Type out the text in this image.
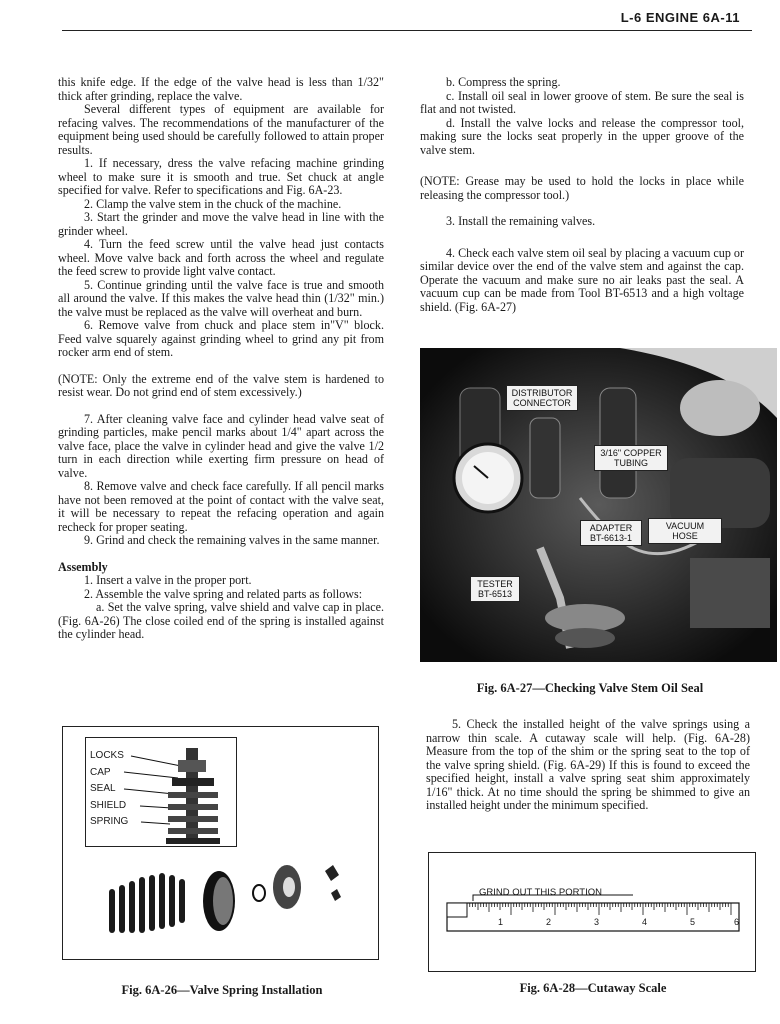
L-6 ENGINE 6A-11

this knife edge. If the edge of the valve head is less than 1/32" thick after grinding, replace the valve.

Several different types of equipment are available for refacing valves. The recommendations of the manufacturer of the equipment being used should be carefully followed to attain proper results.

1. If necessary, dress the valve refacing machine grinding wheel to make sure it is smooth and true. Set chuck at angle specified for valve. Refer to specifications and Fig. 6A-23.

2. Clamp the valve stem in the chuck of the machine.

3. Start the grinder and move the valve head in line with the grinder wheel.

4. Turn the feed screw until the valve head just contacts wheel. Move valve back and forth across the wheel and regulate the feed screw to provide light valve contact.

5. Continue grinding until the valve face is true and smooth all around the valve. If this makes the valve head thin (1/32" min.) the valve must be replaced as the valve will overheat and burn.

6. Remove valve from chuck and place stem in"V" block. Feed valve squarely against grinding wheel to grind any pit from rocker arm end of stem.

(NOTE: Only the extreme end of the valve stem is hardened to resist wear. Do not grind end of stem excessively.)

7. After cleaning valve face and cylinder head valve seat of grinding particles, make pencil marks about 1/4" apart across the valve face, place the valve in cylinder head and give the valve 1/2 turn in each direction while exerting firm pressure on head of valve.

8. Remove valve and check face carefully. If all pencil marks have not been removed at the point of contact with the valve seat, it will be necessary to repeat the refacing operation and again recheck for proper seating.

9. Grind and check the remaining valves in the same manner.

Assembly

1. Insert a valve in the proper port.

2. Assemble the valve spring and related parts as follows:

a. Set the valve spring, valve shield and valve cap in place. (Fig. 6A-26) The close coiled end of the spring is installed against the cylinder head.

LOCKS
CAP
SEAL
SHIELD
SPRING
Fig. 6A-26—Valve Spring Installation

b. Compress the spring.

c. Install oil seal in lower groove of stem. Be sure the seal is flat and not twisted.

d. Install the valve locks and release the compressor tool, making sure the locks seat properly in the upper groove of the valve stem.

(NOTE: Grease may be used to hold the locks in place while releasing the compressor tool.)

3. Install the remaining valves.

4. Check each valve stem oil seal by placing a vacuum cup or similar device over the end of the valve stem and against the cap. Operate the vacuum and make sure no air leaks past the seal. A vacuum cup can be made from Tool BT-6513 and a high voltage shield. (Fig. 6A-27)

DISTRIBUTOR CONNECTOR
3/16" COPPER TUBING
ADAPTER BT-6613-1
VACUUM HOSE
TESTER BT-6513
Fig. 6A-27—Checking Valve Stem Oil Seal

5. Check the installed height of the valve springs using a narrow thin scale. A cutaway scale will help. (Fig. 6A-28) Measure from the top of the shim or the spring seat to the top of the valve spring shield. (Fig. 6A-29) If this is found to exceed the specified height, install a valve spring seat shim approximately 1/16" thick. At no time should the spring be shimmed to give an installed height under the minimum specified.

GRIND OUT THIS PORTION
1	2	3	4	5	6
Fig. 6A-28—Cutaway Scale
